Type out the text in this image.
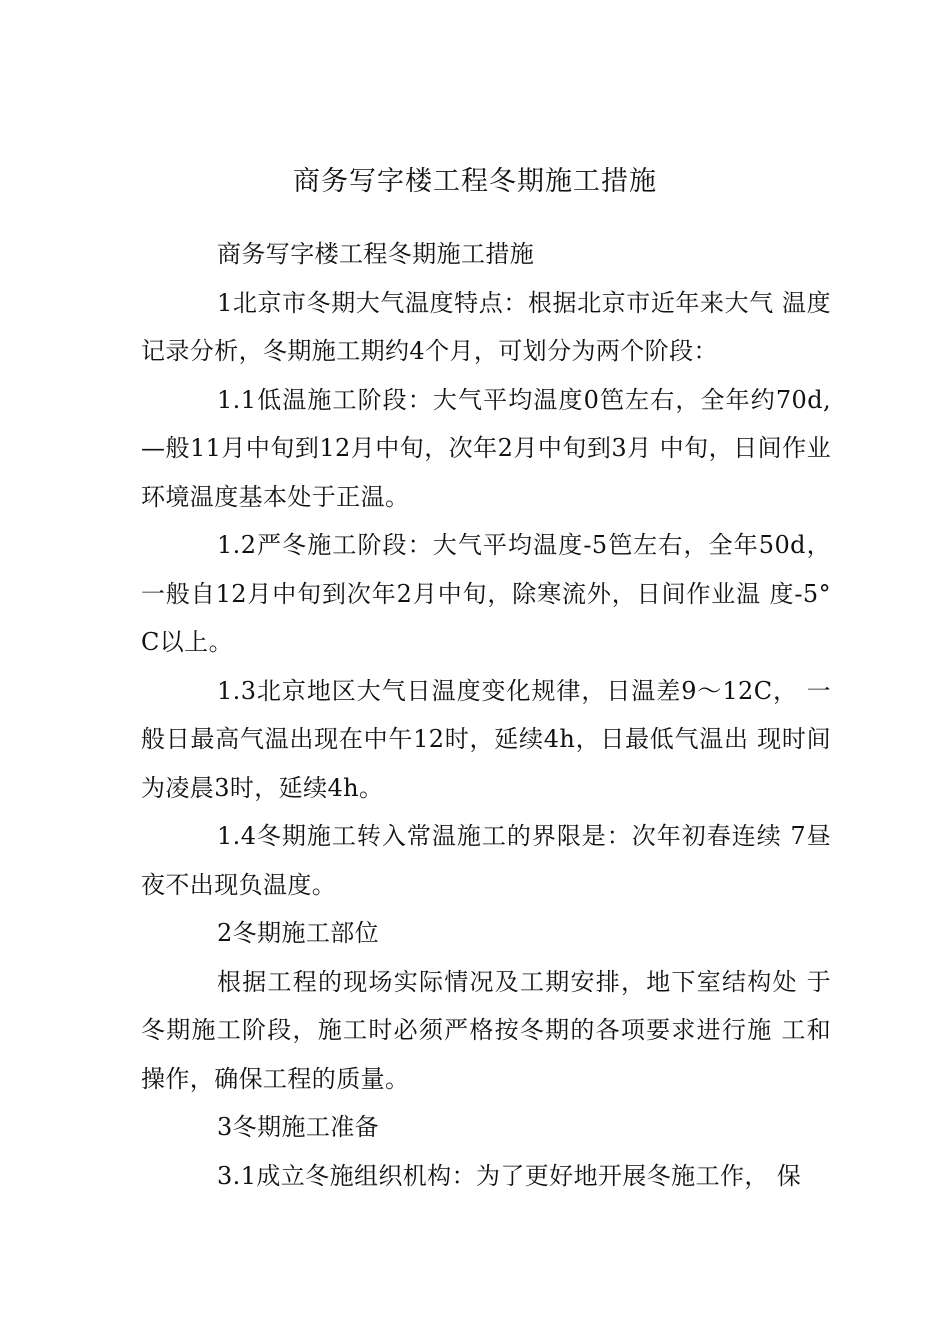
商务写字楼工程冬期施工措施

商务写字楼工程冬期施工措施

1北京市冬期大气温度特点：根据北京市近年来大气 温度记录分析，冬期施工期约4个月，可划分为两个阶段：

1.1低温施工阶段：大气平均温度0笆左右，全年约70d, —般11月中旬到12月中旬，次年2月中旬到3月 中旬，日间作业环境温度基本处于正温。

1.2严冬施工阶段：大气平均温度-5笆左右，全年50d，一般自12月中旬到次年2月中旬，除寒流外，日间作业温 度-5° C以上。

1.3北京地区大气日温度变化规律，日温差9〜12C， 一般日最高气温出现在中午12时，延续4h，日最低气温出 现时间为凌晨3时，延续4h。

1.4冬期施工转入常温施工的界限是：次年初春连续 7昼夜不出现负温度。

2冬期施工部位

根据工程的现场实际情况及工期安排，地下室结构处 于冬期施工阶段，施工时必须严格按冬期的各项要求进行施 工和操作，确保工程的质量。

3冬期施工准备

3.1成立冬施组织机构：为了更好地开展冬施工作， 保
